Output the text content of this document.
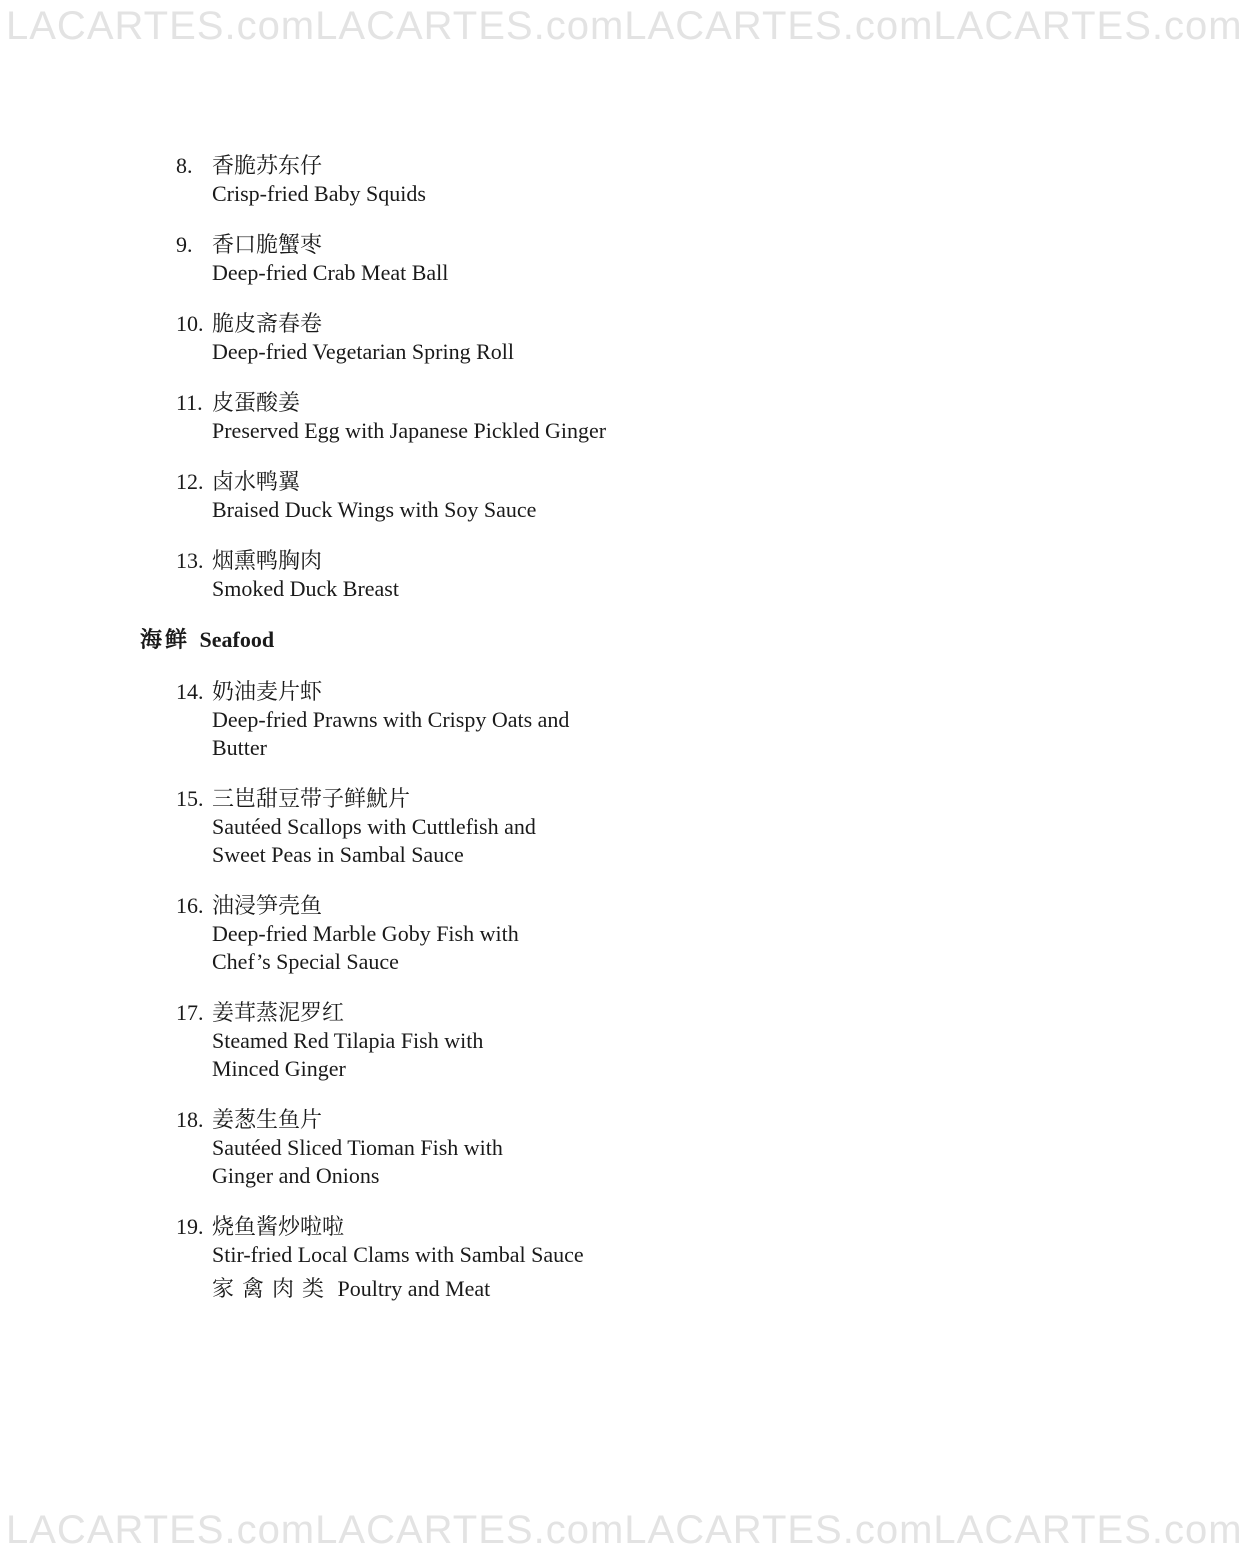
LACARTES.com LACARTES.com LACARTES.com LACARTES.com
8. 香脆苏东仔
Crisp-fried Baby Squids
9. 香口脆蟹枣
Deep-fried Crab Meat Ball
10. 脆皮斋春卷
Deep-fried Vegetarian Spring Roll
11. 皮蛋酸姜
Preserved Egg with Japanese Pickled Ginger
12. 卤水鸭翼
Braised Duck Wings with Soy Sauce
13. 烟熏鸭胸肉
Smoked Duck Breast
海鲜 Seafood
14. 奶油麦片虾
Deep-fried Prawns with Crispy Oats and Butter
15. 三岜甜豆带子鲜魷片
Sautéed Scallops with Cuttlefish and Sweet Peas in Sambal Sauce
16. 油浸笋壳鱼
Deep-fried Marble Goby Fish with Chef’s Special Sauce
17. 姜茸蒸泥罗红
Steamed Red Tilapia Fish with Minced Ginger
18. 姜葱生鱼片
Sautéed Sliced Tioman Fish with Ginger and Onions
19. 烧鱼酱炒啦啦
Stir-fried Local Clams with Sambal Sauce
家禽肉类 Poultry and Meat
LACARTES.com LACARTES.com LACARTES.com LACARTES.com
